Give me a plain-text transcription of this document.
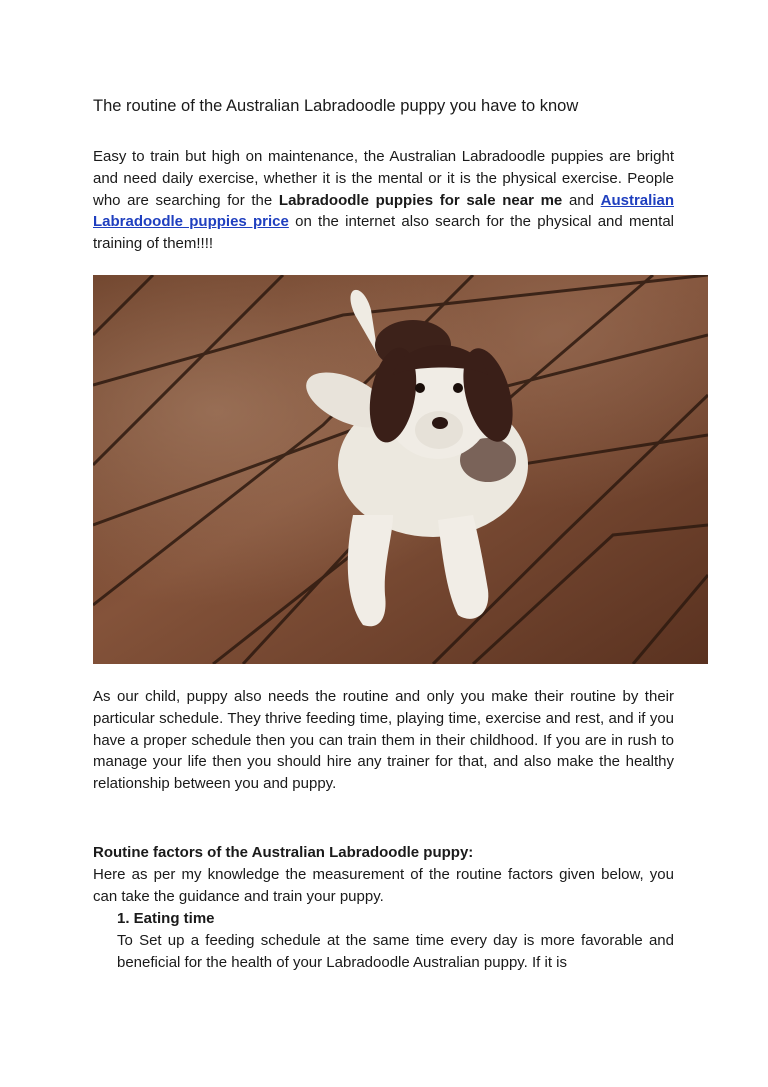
The routine of the Australian Labradoodle puppy you have to know

Easy to train but high on maintenance, the Australian Labradoodle puppies are bright and need daily exercise, whether it is the mental or it is the physical exercise. People who are searching for the Labradoodle puppies for sale near me and Australian Labradoodle puppies price on the internet also search for the physical and mental training of them!!!!

As our child, puppy also needs the routine and only you make their routine by their particular schedule. They thrive feeding time, playing time, exercise and rest, and if you have a proper schedule then you can train them in their childhood. If you are in rush to manage your life then you should hire any trainer for that, and also make the healthy relationship between you and puppy.

Routine factors of the Australian Labradoodle puppy:
Here as per my knowledge the measurement of the routine factors given below, you can take the guidance and train your puppy.

1. Eating time
To Set up a feeding schedule at the same time every day is more favorable and beneficial for the health of your Labradoodle Australian puppy. If it is
